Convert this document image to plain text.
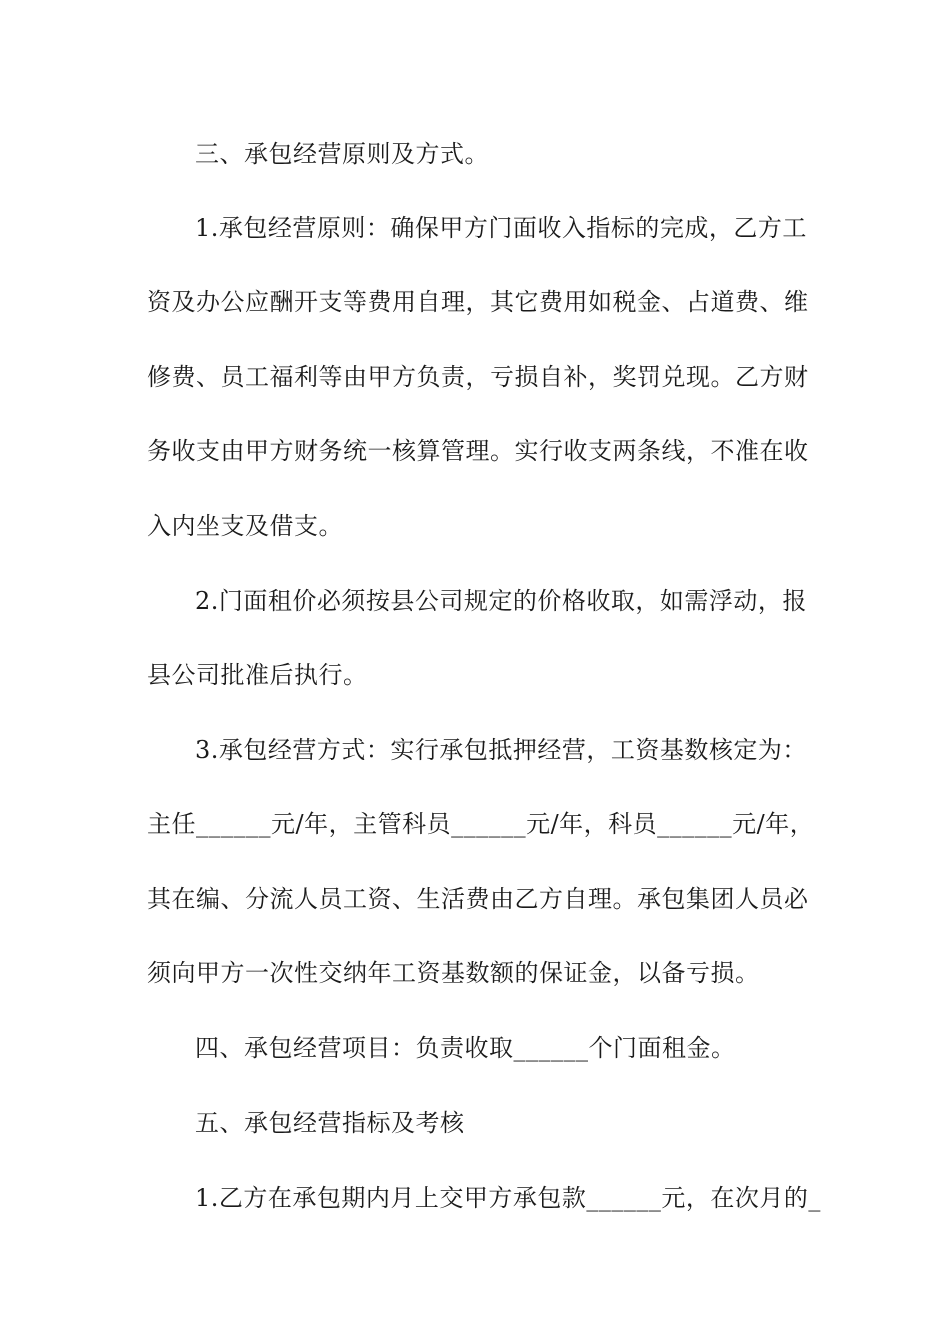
三、承包经营原则及方式。
1.承包经营原则：确保甲方门面收入指标的完成，乙方工
资及办公应酬开支等费用自理，其它费用如税金、占道费、维
修费、员工福利等由甲方负责，亏损自补，奖罚兑现。乙方财
务收支由甲方财务统一核算管理。实行收支两条线，不准在收
入内坐支及借支。
2.门面租价必须按县公司规定的价格收取，如需浮动，报
县公司批准后执行。
3.承包经营方式：实行承包抵押经营，工资基数核定为：
主任______元/年，主管科员______元/年，科员______元/年，
其在编、分流人员工资、生活费由乙方自理。承包集团人员必
须向甲方一次性交纳年工资基数额的保证金，以备亏损。
四、承包经营项目：负责收取______个门面租金。
五、承包经营指标及考核
1.乙方在承包期内月上交甲方承包款______元，在次月的_
